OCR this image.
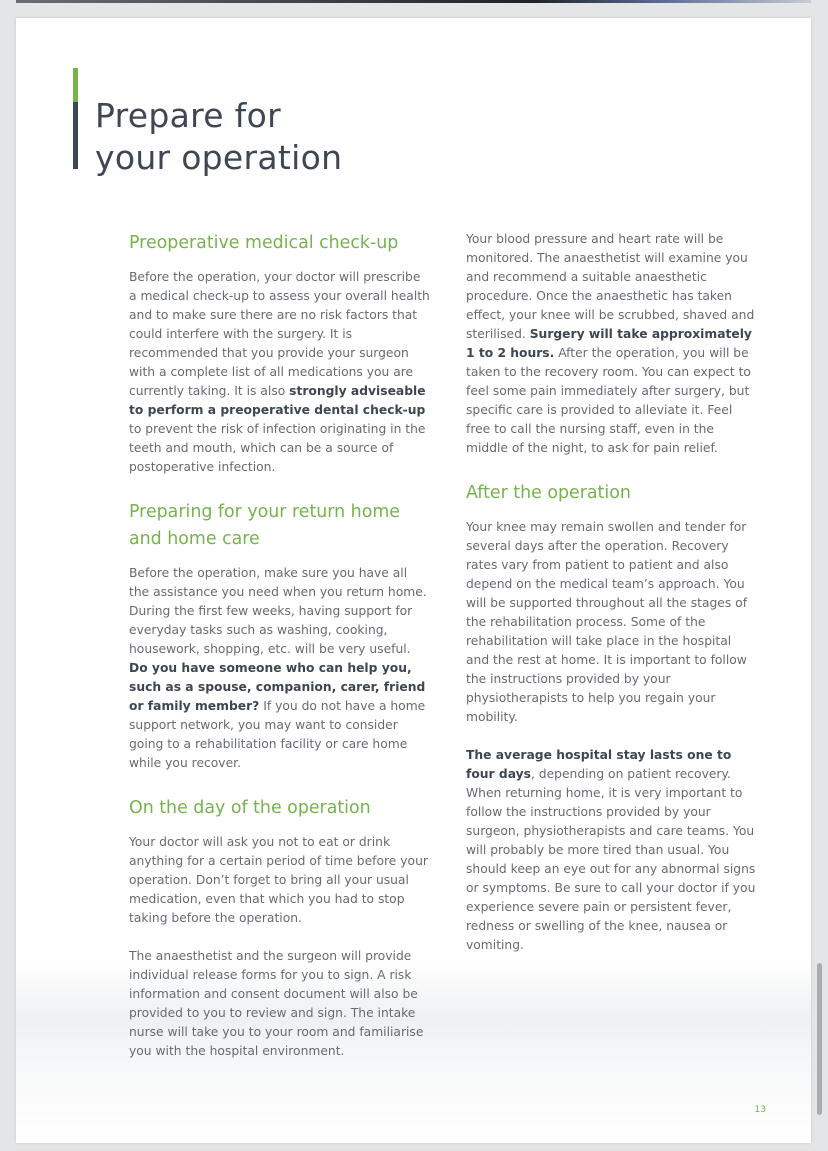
Prepare for
your operation
Preoperative medical check-up

Before the operation, your doctor will prescribe a medical check-up to assess your overall health and to make sure there are no risk factors that could interfere with the surgery. It is recommended that you provide your surgeon with a complete list of all medications you are currently taking. It is also strongly adviseable to perform a preoperative dental check-up to prevent the risk of infection originating in the teeth and mouth, which can be a source of postoperative infection.

Preparing for your return home and home care

Before the operation, make sure you have all the assistance you need when you return home. During the first few weeks, having support for everyday tasks such as washing, cooking, housework, shopping, etc. will be very useful. Do you have someone who can help you, such as a spouse, companion, carer, friend or family member? If you do not have a home support network, you may want to consider going to a rehabilitation facility or care home while you recover.

On the day of the operation

Your doctor will ask you not to eat or drink anything for a certain period of time before your operation. Don’t forget to bring all your usual medication, even that which you had to stop taking before the operation.

The anaesthetist and the surgeon will provide individual release forms for you to sign. A risk information and consent document will also be provided to you to review and sign. The intake nurse will take you to your room and familiarise you with the hospital environment.

Your blood pressure and heart rate will be monitored. The anaesthetist will examine you and recommend a suitable anaesthetic procedure. Once the anaesthetic has taken effect, your knee will be scrubbed, shaved and sterilised. Surgery will take approximately 1 to 2 hours. After the operation, you will be taken to the recovery room. You can expect to feel some pain immediately after surgery, but specific care is provided to alleviate it. Feel free to call the nursing staff, even in the middle of the night, to ask for pain relief.

After the operation

Your knee may remain swollen and tender for several days after the operation. Recovery rates vary from patient to patient and also depend on the medical team’s approach. You will be supported throughout all the stages of the rehabilitation process. Some of the rehabilitation will take place in the hospital and the rest at home. It is important to follow the instructions provided by your physiotherapists to help you regain your mobility.

The average hospital stay lasts one to four days, depending on patient recovery. When returning home, it is very important to follow the instructions provided by your surgeon, physiotherapists and care teams. You will probably be more tired than usual. You should keep an eye out for any abnormal signs or symptoms. Be sure to call your doctor if you experience severe pain or persistent fever, redness or swelling of the knee, nausea or vomiting.

13
